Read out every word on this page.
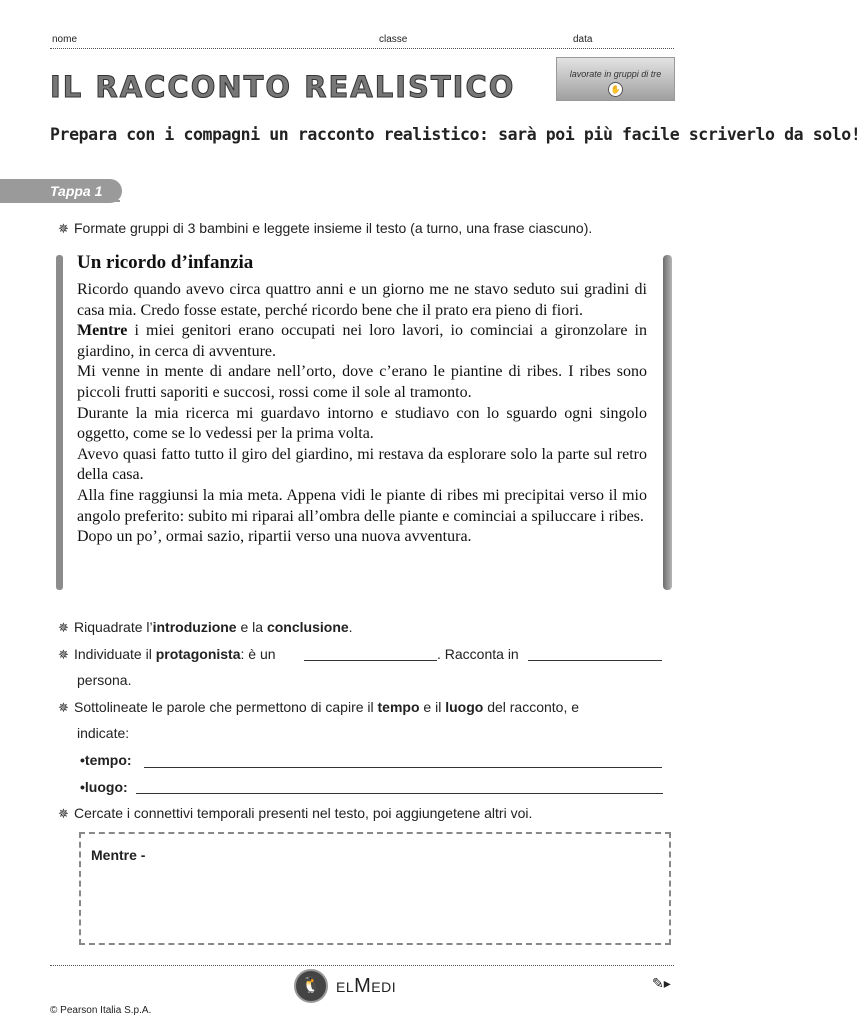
nome	classe	data
IL RACCONTO REALISTICO	lavorate in gruppi di tre
✋
Prepara con i compagni un racconto realistico: sarà poi più facile scriverlo da solo!
Tappa 1
✵ Formate gruppi di 3 bambini e leggete insieme il testo (a turno, una frase ciascuno).
Un ricordo d’infanzia

Ricordo quando avevo circa quattro anni e un giorno me ne stavo seduto sui gradini di casa mia. Credo fosse estate, perché ricordo bene che il prato era pieno di fiori.

Mentre i miei genitori erano occupati nei loro lavori, io cominciai a gironzolare in giardino, in cerca di avventure.

Mi venne in mente di andare nell’orto, dove c’erano le piantine di ribes. I ribes sono piccoli frutti saporiti e succosi, rossi come il sole al tramonto.

Durante la mia ricerca mi guardavo intorno e studiavo con lo sguardo ogni singolo oggetto, come se lo vedessi per la prima volta.

Avevo quasi fatto tutto il giro del giardino, mi restava da esplorare solo la parte sul retro della casa.

Alla fine raggiunsi la mia meta. Appena vidi le piante di ribes mi precipitai verso il mio angolo preferito: subito mi riparai all’ombra delle piante e cominciai a spiluccare i ribes.

Dopo un po’, ormai sazio, ripartii verso una nuova avventura.

✵ Riquadrate l’introduzione e la conclusione.
✵ Individuate il protagonista: è un	. Racconta in
persona.
✵ Sottolineate le parole che permettono di capire il tempo e il luogo del racconto, e
indicate:
•tempo:
•luogo:
✵ Cercate i connettivi temporali presenti nel testo, poi aggiungetene altri voi.
Mentre -
🐧	ELMEDI	✎▸
© Pearson Italia S.p.A.
